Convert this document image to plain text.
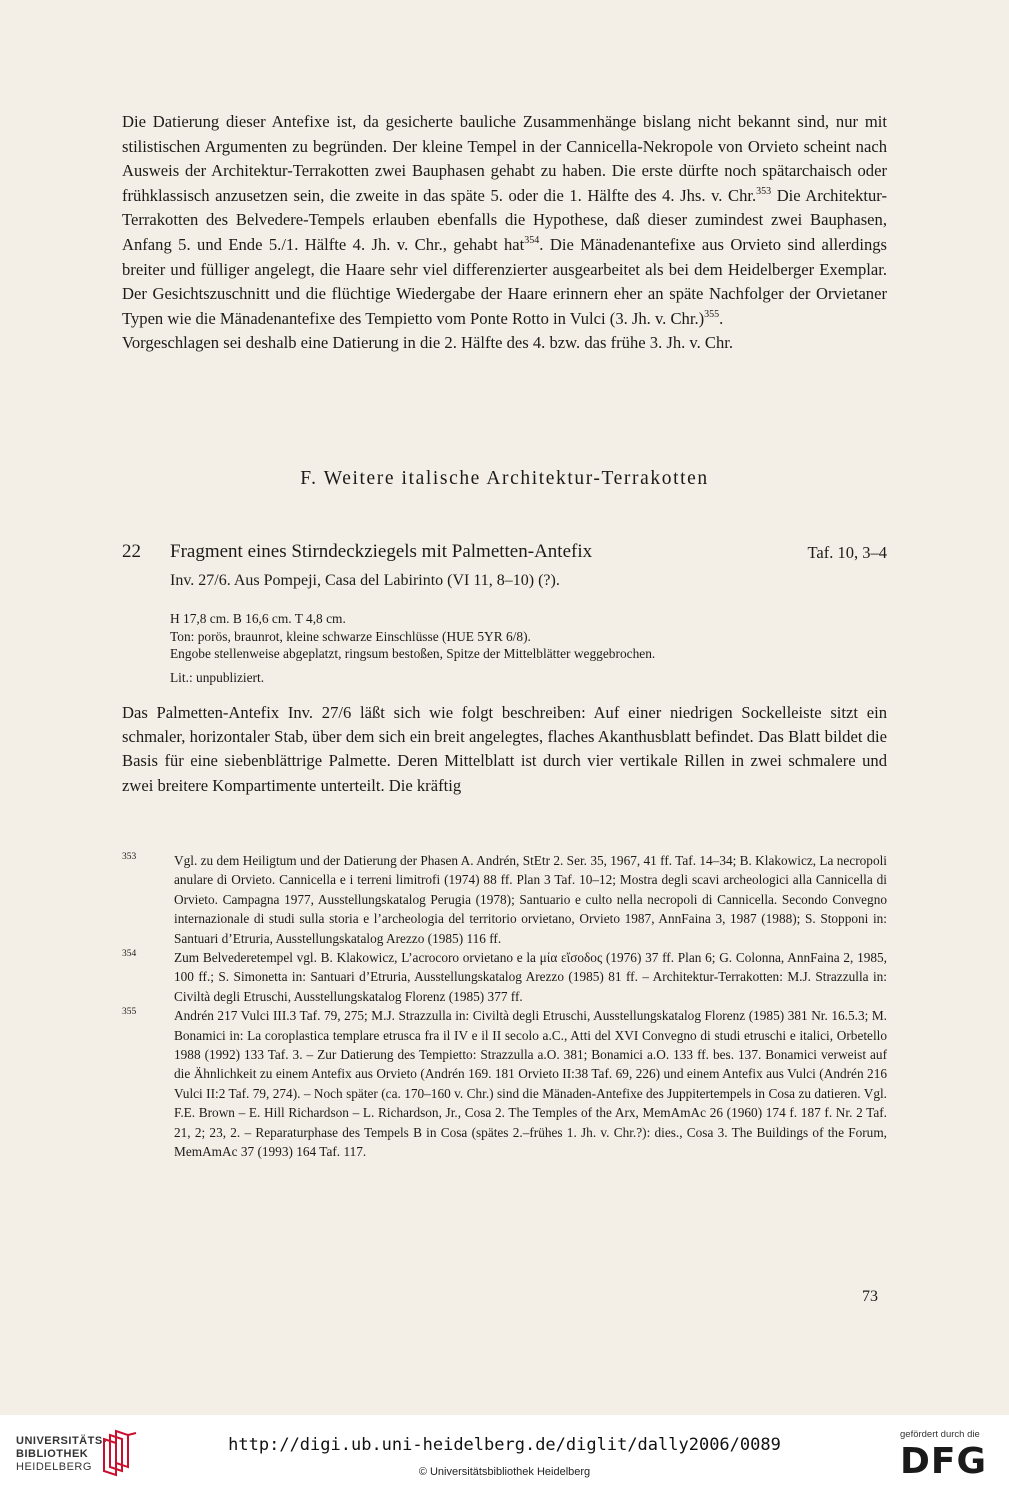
Die Datierung dieser Antefixe ist, da gesicherte bauliche Zusammenhänge bislang nicht bekannt sind, nur mit stilistischen Argumenten zu begründen. Der kleine Tempel in der Cannicella-Nekropole von Orvieto scheint nach Ausweis der Architektur-Terrakotten zwei Bauphasen gehabt zu haben. Die erste dürfte noch spätarchaisch oder frühklassisch anzusetzen sein, die zweite in das späte 5. oder die 1. Hälfte des 4. Jhs. v. Chr.$^{353}$ Die Architektur-Terrakotten des Belvedere-Tempels erlauben ebenfalls die Hypothese, daß dieser zumindest zwei Bauphasen, Anfang 5. und Ende 5./1. Hälfte 4. Jh. v. Chr., gehabt hat$^{354}$. Die Mänadenantefixe aus Orvieto sind allerdings breiter und fülliger angelegt, die Haare sehr viel differenzierter ausgearbeitet als bei dem Heidelberger Exemplar. Der Gesichtszuschnitt und die flüchtige Wiedergabe der Haare erinnern eher an späte Nachfolger der Orvietaner Typen wie die Mänadenantefixe des Tempietto vom Ponte Rotto in Vulci (3. Jh. v. Chr.)$^{355}$.

Vorgeschlagen sei deshalb eine Datierung in die 2. Hälfte des 4. bzw. das frühe 3. Jh. v. Chr.

F. Weitere italische Architektur-Terrakotten
22 Fragment eines Stirndeckziegels mit Palmetten-Antefix	Taf. 10, 3–4
Inv. 27/6. Aus Pompeji, Casa del Labirinto (VI 11, 8–10) (?).
H 17,8 cm. B 16,6 cm. T 4,8 cm.
Ton: porös, braunrot, kleine schwarze Einschlüsse (HUE 5YR 6/8).
Engobe stellenweise abgeplatzt, ringsum bestoßen, Spitze der Mittelblätter weggebrochen.
Lit.: unpubliziert.
Das Palmetten-Antefix Inv. 27/6 läßt sich wie folgt beschreiben: Auf einer niedrigen Sockelleiste sitzt ein schmaler, horizontaler Stab, über dem sich ein breit angelegtes, flaches Akanthusblatt befindet. Das Blatt bildet die Basis für eine siebenblättrige Palmette. Deren Mittelblatt ist durch vier vertikale Rillen in zwei schmalere und zwei breitere Kompartimente unterteilt. Die kräftig
353	Vgl. zu dem Heiligtum und der Datierung der Phasen A. Andrén, StEtr 2. Ser. 35, 1967, 41 ff. Taf. 14–34; B. Klakowicz, La necropoli anulare di Orvieto. Cannicella e i terreni limitrofi (1974) 88 ff. Plan 3 Taf. 10–12; Mostra degli scavi archeologici alla Cannicella di Orvieto. Campagna 1977, Ausstellungskatalog Perugia (1978); Santuario e culto nella necropoli di Cannicella. Secondo Convegno internazionale di studi sulla storia e l’archeologia del territorio orvietano, Orvieto 1987, AnnFaina 3, 1987 (1988); S. Stopponi in: Santuari d’Etruria, Ausstellungskatalog Arezzo (1985) 116 ff.
354	Zum Belvederetempel vgl. B. Klakowicz, L’acrocoro orvietano e la μία εἴσοδος (1976) 37 ff. Plan 6; G. Colonna, AnnFaina 2, 1985, 100 ff.; S. Simonetta in: Santuari d’Etruria, Ausstellungskatalog Arezzo (1985) 81 ff. – Architektur-Terrakotten: M.J. Strazzulla in: Civiltà degli Etruschi, Ausstellungskatalog Florenz (1985) 377 ff.
355	Andrén 217 Vulci III.3 Taf. 79, 275; M.J. Strazzulla in: Civiltà degli Etruschi, Ausstellungskatalog Florenz (1985) 381 Nr. 16.5.3; M. Bonamici in: La coroplastica templare etrusca fra il IV e il II secolo a.C., Atti del XVI Convegno di studi etruschi e italici, Orbetello 1988 (1992) 133 Taf. 3. – Zur Datierung des Tempietto: Strazzulla a.O. 381; Bonamici a.O. 133 ff. bes. 137. Bonamici verweist auf die Ähnlichkeit zu einem Antefix aus Orvieto (Andrén 169. 181 Orvieto II:38 Taf. 69, 226) und einem Antefix aus Vulci (Andrén 216 Vulci II:2 Taf. 79, 274). – Noch später (ca. 170–160 v. Chr.) sind die Mänaden-Antefixe des Juppitertempels in Cosa zu datieren. Vgl. F.E. Brown – E. Hill Richardson – L. Richardson, Jr., Cosa 2. The Temples of the Arx, MemAmAc 26 (1960) 174 f. 187 f. Nr. 2 Taf. 21, 2; 23, 2. – Reparaturphase des Tempels B in Cosa (spätes 2.–frühes 1. Jh. v. Chr.?): dies., Cosa 3. The Buildings of the Forum, MemAmAc 37 (1993) 164 Taf. 117.
73
UNIVERSITÄTS-
BIBLIOTHEK
HEIDELBERG
http://digi.ub.uni-heidelberg.de/diglit/dally2006/0089
© Universitätsbibliothek Heidelberg
gefördert durch die
DFG
